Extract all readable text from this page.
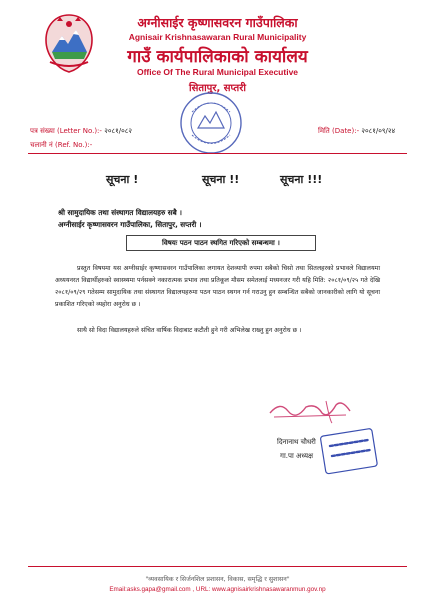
अग्नीसाईर कृष्णासवरन गाउँपालिका
Agnisair Krishnasawaran Rural Municipality
गाउँ कार्यपालिकाको कार्यालय
Office Of The Rural Municipal Executive
सितापुर, सप्तरी
पत्र संख्या (Letter No.):- २०८१/०८२
चलानी नं (Ref. No.):-
मिति (Date):- २०८१/०९/२४
सूचना !	सूचना !!	सूचना !!!
श्री सामुदायिक तथा संस्थागत विद्यालयहरु सबै ।
अग्नीसाईर कृष्णासवरन गाउँपालिका, सितापुर, सप्तरी ।
विषयः पठन पाठन स्थगित गरिएको सम्बन्धमा ।
प्रस्तुत विषयमा यस अग्नीसाईर कृष्णासवरन गाउँपालिका लगायत देशव्यापी रुपमा सबैको चिसो तथा सितलहरको प्रभावले विद्यालयमा अध्ययनरत विद्यार्थीहरुको स्वास्थ्यमा पर्नसक्ने नकारात्मक प्रभाव तथा प्रतिकूल मौसम समेतलाई मध्यनजर गरी यहि मिति: २०८१/०९/२५ गते देखि २०८१/०९/२९ गतेसम्म सामुदायिक तथा संस्थागत विद्यालयहरुमा पठन पाठन स्थगन गर्न गराउनु हुन सम्बन्धित सबैको जानकारीको लागि यो सूचना प्रकाशित गरिएको व्यहोरा अनुरोध छ ।
साथै सो विदा विद्यालयहरुले संचित वार्षिक विदाबाट कटौती हुने गरी अभिलेख राख्नु हुन अनुरोध छ ।
दिनानाथ चौधरी
गा.पा अध्यक्ष
"व्यवसायिक र सिर्जनशिल प्रशासन, विकास, समृद्धि र सुशासन"
Email:asks.gapa@gmail.com , URL: www.agnisairkrishnasawaranmun.gov.np
